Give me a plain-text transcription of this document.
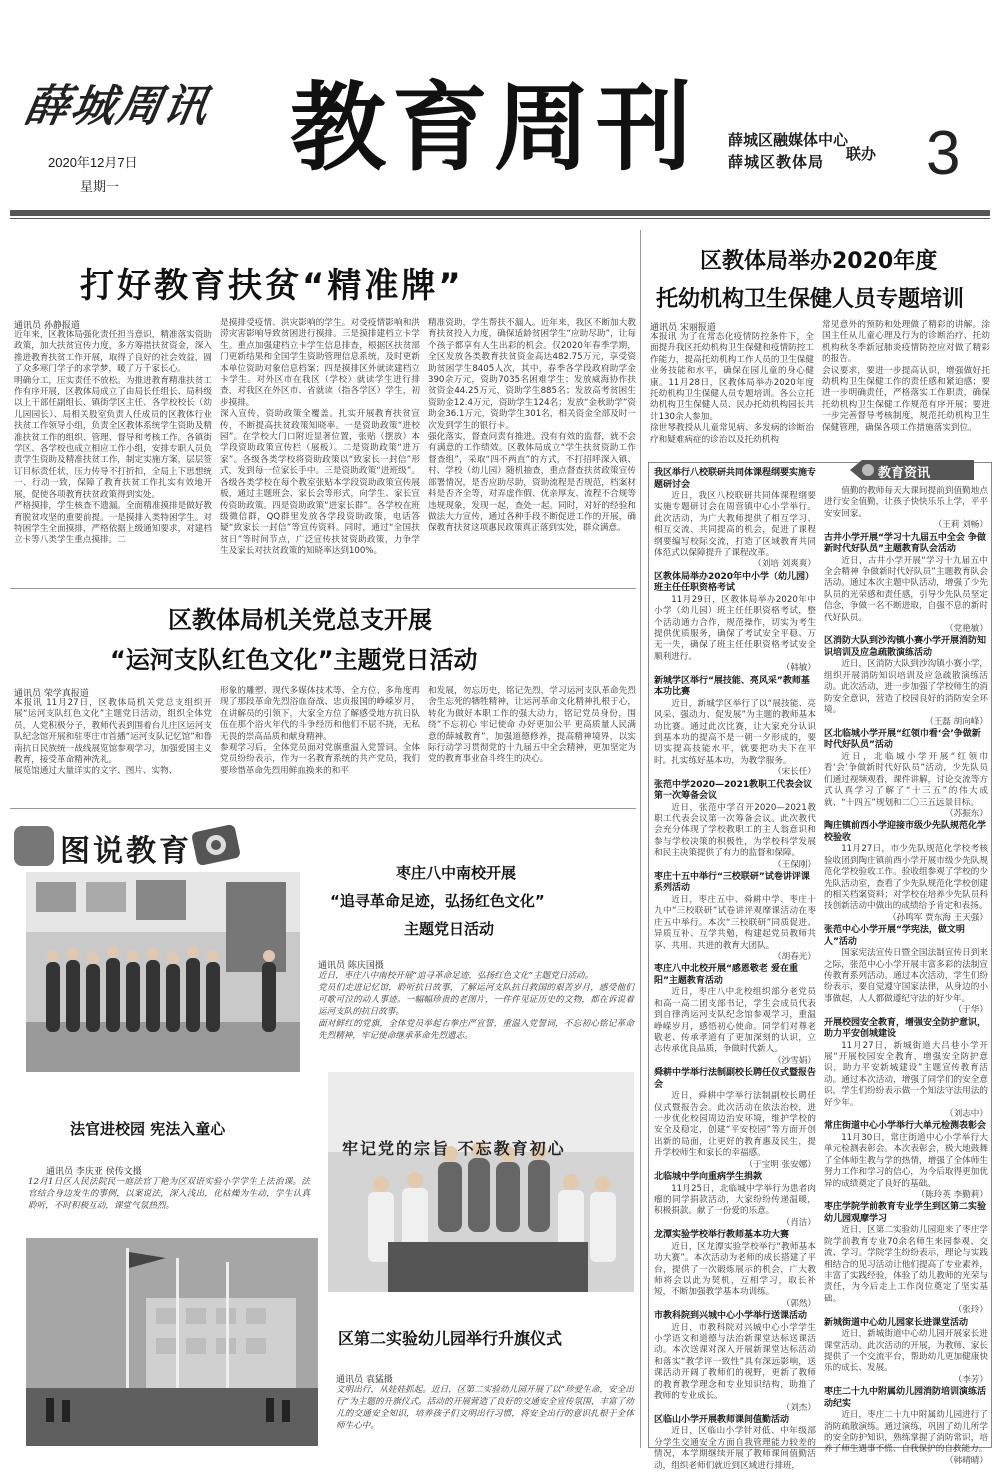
薛城周讯
2020年12月7日
星期一
教育周刊 薛城区融媒体中心
薛城区教体局	联办 3
打好教育扶贫“精准牌”
通讯员 孙静报道
近年来，区教体局强化责任担当意识，精准落实资助政策，加大扶贫宣传力度，多方筹措扶贫资金，深入推进教育扶贫工作开展，取得了良好的社会效益，圆了众多寒门学子的求学梦，暖了万千家长心。
明确分工，压实责任不放松。为推进教育精准扶贫工作有序开展，区教体局成立了由局长任组长、局科级以上干部任副组长、镇街学区主任、各学校校长（幼儿园园长）、局相关股室负责人任成员的区教体行业扶贫工作领导小组，负责全区教体系统学生资助及精准扶贫工作的组织、管理、督导和考核工作。各镇街学区、各学校也成立相应工作小组，安排专职人员负责学生资助及精准扶贫工作，制定实施方案，层层签订目标责任状，压力传导不打折扣，全局上下思想统一、行动一致，保障了教育扶贫工作扎实有效地开展，促使各项教育扶贫政策得到实处。
严格摸排，学生核查不遗漏。全面精准摸排是做好教育脱贫攻坚的重要前提。一是摸排入类特困学生。对特困学生全面摸排，严格依据上级通知要求，对建档立卡等八类学生重点摸排。二
是摸排受疫情、洪灾影响的学生。对受疫情影响和洪涝灾害影响导致贫困进行摸排。三是摸排建档立卡学生。重点加强建档立卡学生信息排查，根据区扶贫部门更新结果和全国学生资助管理信息系统，及时更新本单位资助对象信息档案；四是摸排区外就读建档立卡学生。对外区市在我区（学校）就读学生进行排查，对我区在外区市、省就读（指各学区）学生，初步摸排。
深入宣传，资助政策全覆盖。扎实开展教育扶贫宣传，不断提高扶贫政策知晓率。一是资助政策“进校园”。在学校大门口附近显著位置，张贴（摆放）本学段资助政策宣传栏（展板）。二是资助政策“进万家”。各级各类学校将资助政策以“致家长一封信”形式，发到每一位家长手中。三是资助政策“进班级”。各级各类学校在每个教室张贴本学段资助政策宣传展板，通过主题班会、家长会等形式，向学生、家长宣传资助政策。四是资助政策“进家长群”。各学校在班级微信群，QQ群里发放各学段资助政策，电话答疑“致家长一封信”等宣传资料。同时，通过“全国扶贫日”等时间节点，广泛宣传扶贫资助政策，力争学生及家长对扶贫政策的知晓率达到100%。
精准资助，学生帮扶不漏人。近年来，我区不断加大教育扶贫投入力度，确保适龄贫困学生“应助尽助”，让每个孩子都享有人生出彩的机会。仅2020年春季学期，全区发放各类教育扶贫资金高达482.75万元，享受资助贫困学生8405人次，其中，春季各学段政府助学金390余万元，资助7035名困难学生；发放威海协作扶贫资金44.25万元，资助学生885名；发放高考贫困生资助金12.4万元，资助学生124名；发放“金秋助学”资助金36.1万元，资助学生301名，相关资金全部及时一次发到学生的银行卡。
强化落实，督查问责有推进。没有有效的监督，就不会有满意的工作绩效。区教体局成立“学生扶贫资助工作督查组”，采取“四不两直”的方式，不打招呼深入镇、村、学校（幼儿园）随机抽查，重点督查扶贫政策宣传部署情况，是否应助尽助，资助流程是否规范，档案材料是否齐全等，对弄虚作假、优亲厚友、流程不合规等违规现象，发现一起，查处一起。同时，对好的经验和做法大力宣传，通过各种手段不断促进工作的开展，确保教育扶贫这项惠民政策真正落到实处，群众满意。
区教体局举办2020年度
托幼机构卫生保健人员专题培训
通讯员 宋丽报道
本报讯 为了在常态化疫情防控条件下，全面提升我区托幼机构卫生保健和疫情防控工作能力，提高托幼机构工作人员的卫生保健业务技能和水平，确保在园儿童的身心健康。11月28日，区教体局举办2020年度托幼机构卫生保健人员专题培训。各公立托幼机构卫生保健人员、民办托幼机构园长共计130余人参加。
徐世琴教授从儿童常见病、多发病的诊断治疗和疑难病症的诊治以及托幼机构
常见意外的预防和处理做了精彩的讲解。涂国主任从儿童心理及行为的诊断治疗、托幼机构秋冬季新冠肺炎疫情防控应对做了精彩的报告。
会议要求，要进一步提高认识，增强做好托幼机构卫生保健工作的责任感和紧迫感；要进一步明确责任，严格落实工作职责，确保托幼机构卫生保健工作规范有序开展；要进一步完善督导考核制度，规范托幼机构卫生保健管理，确保各项工作措施落实到位。
区教体局机关党总支开展
“运河支队红色文化”主题党日活动
通讯员 荣学真报道
本报讯 11月27日，区教体局机关党总支组织开展“运河支队红色文化”主题党日活动，组织全体党员，人党积极分子，教师代表到围着台儿庄区运河支队纪念馆开展和驻枣庄市首播“运河支队记忆馆”和鲁南抗日民族统一战线展览馆参观学习，加强爱国主义教育，接受革命精神洗礼。
展览馆通过大量详实的文字、图片、实物、
形象的雕塑、现代多媒体技术等、全方位、多角度再现了那段革命先烈浴血奋战、忠贞报国的峥嵘岁月，在讲解员的引领下，大家全方位了解感受地方抗日队伍在那个浴火年代的斗争经历和他们不屈不挠，无私无畏的崇高品质和献身精神。
参观学习后，全体党员面对党旗重温入党誓词。全体党员纷纷表示，作为一名教育系统的共产党员，我们要珍惜革命先烈用鲜血换来的和平
和发展，勿忘历史，铭记先烈，学习运河支队革命先烈舍生忘死的牺牲精神，让运河革命文化精神扎根于心，转化为做好本职工作的强大动力，铭记党员身份，围绕“不忘初心 牢记使命 办好更加公平 更高质量人民满意的薛城教育”，加强道德修养，提高精神境界，以实际行动学习贯彻党的十九届五中全会精神，更加坚定为党的教育事业奋斗终生的决心。
图说教育
枣庄八中南校开展
“追寻革命足迹，弘扬红色文化”
主题党日活动
通讯员 陈庆国摄
近日，枣庄八中南校开展“追寻革命足迹，弘扬红色文化”主题党日活动。
党员们走进记忆馆，聆听抗日故事，了解运河支队抗日救国的艰苦岁月，感受他们可歌可泣的动人事迹。一幅幅珍贵的老图片，一件件见证历史的文物，都在诉说着运河支队的抗日故事。
面对鲜红的党旗，全体党员举起右拳庄严宣誓，重温入党誓词，不忘初心铭记革命先烈精神，牢记使命继承革命先烈遗志。
法官进校园 宪法入童心
通讯员 李庆亚 侯传文摄
12月1日区人民法院民一庭法官丁艳为区双语实验小学学生上法治课。法官结合身边发生的事例，以案说法，深入浅出，化枯燥为生动，学生认真聆听，不时积极互动，课堂气氛热烈。
牢记党的宗旨 不忘教育初心
区第二实验幼儿园举行升旗仪式
通讯员 袁猛摄
文明出行，从娃娃抓起。近日，区第二实验幼儿园开展了以“珍爱生命，安全出行”为主题的升旗仪式。活动的开展营造了良好的交通安全宣传氛围，丰富了幼儿的交通安全知识，培养孩子们文明出行习惯，将安全出行的意识扎根于全体师生心中。
教育资讯
我区举行八校联研共同体课程纲要实施专题研讨会
近日，我区八校联研共同体课程纲要实施专题研讨会在周营镇中心小学举行。此次活动，为广大教师提供了相互学习、相互交流、共同提高的机会，促进了课程纲要编写校际交流，打造了区域教育共同体范式以保障提升了课程改革。
（刘培 刘爽爽）
区教体局举办2020年中小学（幼儿园）班主任任职资格考试
11月29日，区教体局举办2020年中小学（幼儿园）班主任任职资格考试，整个活动通力合作，规范操作，切实为考生提供优质服务，确保了考试安全平稳、万无一失，确保了班主任任职资格考试安全顺利进行。
（韩敏）
新城学区举行“展技能、亮风采”教师基本功比赛
近日，新城学区举行了以“展技能、亮风采、强动力、促发展”为主题的教师基本功比赛。通过此次比赛，让大家充分认识到基本功的提高不是一朝一夕形成的，要切实提高技能水平，就要把功夫下在平时。扎实练好基本功，为教学服务。
（宋长任）
张范中学2020—2021教职工代表会议第一次筹备会议
近日，张范中学召开2020—2021教职工代表会议第一次筹备会议。此次教代会充分体现了学校教职工的主人翁意识和参与学校决策的积极性，为学校科学发展和民主决策提供了有力的监督和保障。
（王保刚）
枣庄十五中举行“三校联研”试卷讲评课系列活动
近日，枣庄五中、舜耕中学、枣庄十九中“三校联研”试卷讲评观摩课活动在枣庄五中举行。本次“三校联研”同质促进、异质互补、互学共勉，构建起党员教师共享、共用、共进的教育大团队。
（胡春光）
枣庄八中北校开展“感恩敬老 爱在重阳”主题教育活动
近日，枣庄八中北校组织部分老党员和高一高二团支部书记，学生会成员代表到自律湾运河支队纪念馆参观学习，重温峥嵘岁月，感悟初心使命。同学们对尊老敬老、传承孝道有了更加深刻的认识，立志传承优良品质，争做时代新人。
（沙雪娟）
舜耕中学举行法制副校长聘任仪式暨报告会
近日，舜耕中学举行法制副校长聘任仪式暨报告会。此次活动在依法治校，进一步优化校园周边治安环境，维护学校的安全及稳定，创建“平安校园”等方面开创出新的局面，让更好的教育惠及民生，提升学校师生和家长的幸福感。
（于宝明 张安娜）
北临城中学向重病学生捐款
11月25日，北临城中学举行为患者肉瘤的同学捐款活动，大家纷纷传递温暖，积极捐款。献了一份爱的乐意。
（肖洁）
龙潭实验学校举行教师基本功大赛
近日，区龙潭实验学校举行“教师基本功大赛”。本次活动为老师的成长搭建了平台，提供了一次锻炼展示的机会，广大教师将会以此为契机，互相学习，取长补短，不断加强教学基本功训练。
（郭然）
市教科院到兴城中心小学举行送课活动
近日，市教科院对兴城中心小学学生小学语文和道德与法治新课堂达标送课活动。本次送课对深入开展新课堂达标活动和落实“教学评一致性”具有深远影响，送课活动开阔了教师们的视野，更新了教师的教育教学理念和专业知识结构，助推了教师的专业成长。
（刘杰）
区临山小学开展教师课间值勤活动
近日，区临山小学针对低、中年级部分学生交通安全方面自我管理能力较差的情况，本学期继续开展了教师课间值勤活动，组织老师们就近到区域进行排班，
值勤的教师每天大课间提前到值勤地点进行安全值勤，让孩子快快乐乐上学，平平安安回家。
（王莉 刘畅）
古井小学开展“学习十九届五中全会 争做新时代好队员”主题教育队会活动
近日，古井小学开展“学习十九届五中全会精神 争做新时代好队员”主题教育队会活动。通过本次主题中队活动，增强了少先队员的光荣感和责任感，引导少先队员坚定信念，争做一名不断进取，自强不息的新时代好队员。
（党艳敏）
区消防大队到沙沟镇小赛小学开展消防知识培训及应急疏散演练活动
近日，区消防大队到沙沟镇小赛小学，组织开展消防知识培训及应急疏散演练活动。此次活动，进一步加强了学校师生的消防安全意识，营造了校园良好的消防安全环境。
（王磊 胡向峰）
区北临城小学开展“红领巾看‘会’争做新时代好队员”活动
近日，北临城小学开展“红领巾看‘会’争做新时代好队员”活动，少先队员们通过视频观看，课件讲解，讨论交流等方式认真学习了解了“十三五”的伟大成就、“十四五”规划和二〇三五远景目标。
（苏振东）
陶庄镇前西小学迎接市级少先队规范化学校验收
11月27日，市少先队规范化学校考核验收团到陶庄镇前西小学开展市级少先队规范化学校验收工作。验收组参观了学校的少先队活动室，查看了少先队规范化学校创建的相关档案资料；对学校在培养少先队员科技创新活动中做出的成绩给予肯定和表扬。
（孙鸣军 贾东海 王天强）
张范中心小学开展“学宪法，做文明人”活动
国家宪法宣传日暨全国法制宣传日到来之际，张范中心小学开展丰富多彩的法制宣传教育系列活动。通过本次活动，学生们纷纷表示，要自觉遵守国家法律，从身边的小事做起，人人都做遵纪守法的好少年。
（于华）
开展校园安全教育，增强安全防护意识，助力平安创城建设
11月27日，新城街道大吕巷小学开展“开展校园安全教育，增强安全防护意识，助力平安新城建设”主题宣传教育活动。通过本次活动，增强了同学们的安全意识，学生们纷纷表示做一个知法守法用法的好少年。
（刘志中）
常庄街道中心小学举行大单元检测表彰会
11月30日，常庄街道中心小学举行大单元检测表彰会。本次表彰会，极大地鼓舞了全体师生教与学的热情，增强了全体师生努力工作和学习的信心，为今后取得更加优异的成绩奠定了良好的基础。
（陈玲英 李勤莉）
枣庄学院学前教育专业学生到区第二实验幼儿园观摩学习
近日，区第二实验幼儿园迎来了枣庄学院学前教育专业70余名师生来园参观、交流、学习。学院学生纷纷表示，理论与实践相结合的见习活动让他们提高了专业素养，丰富了实践经验，体验了幼儿教师的光荣与责任，为今后走上工作岗位奠定了坚实基础。
（张玲）
新城街道中心幼儿园家长进课堂活动
近日，新城街道中心幼儿园开展家长进课堂活动。此次活动的开展，为教师、家长提供了一个交流平台，帮助幼儿更加健康快乐的成长、发展。
（李芳）
枣庄二十九中附属幼儿园消防培训演练活动纪实
近日，枣庄二十九中附属幼儿园进行了消防疏散演练。通过演练，巩固了幼儿所学的安全防护知识，熟练掌握了消防常识，培养了师生遇事不慌、自我保护的自救能力。
（韩晴晴）
